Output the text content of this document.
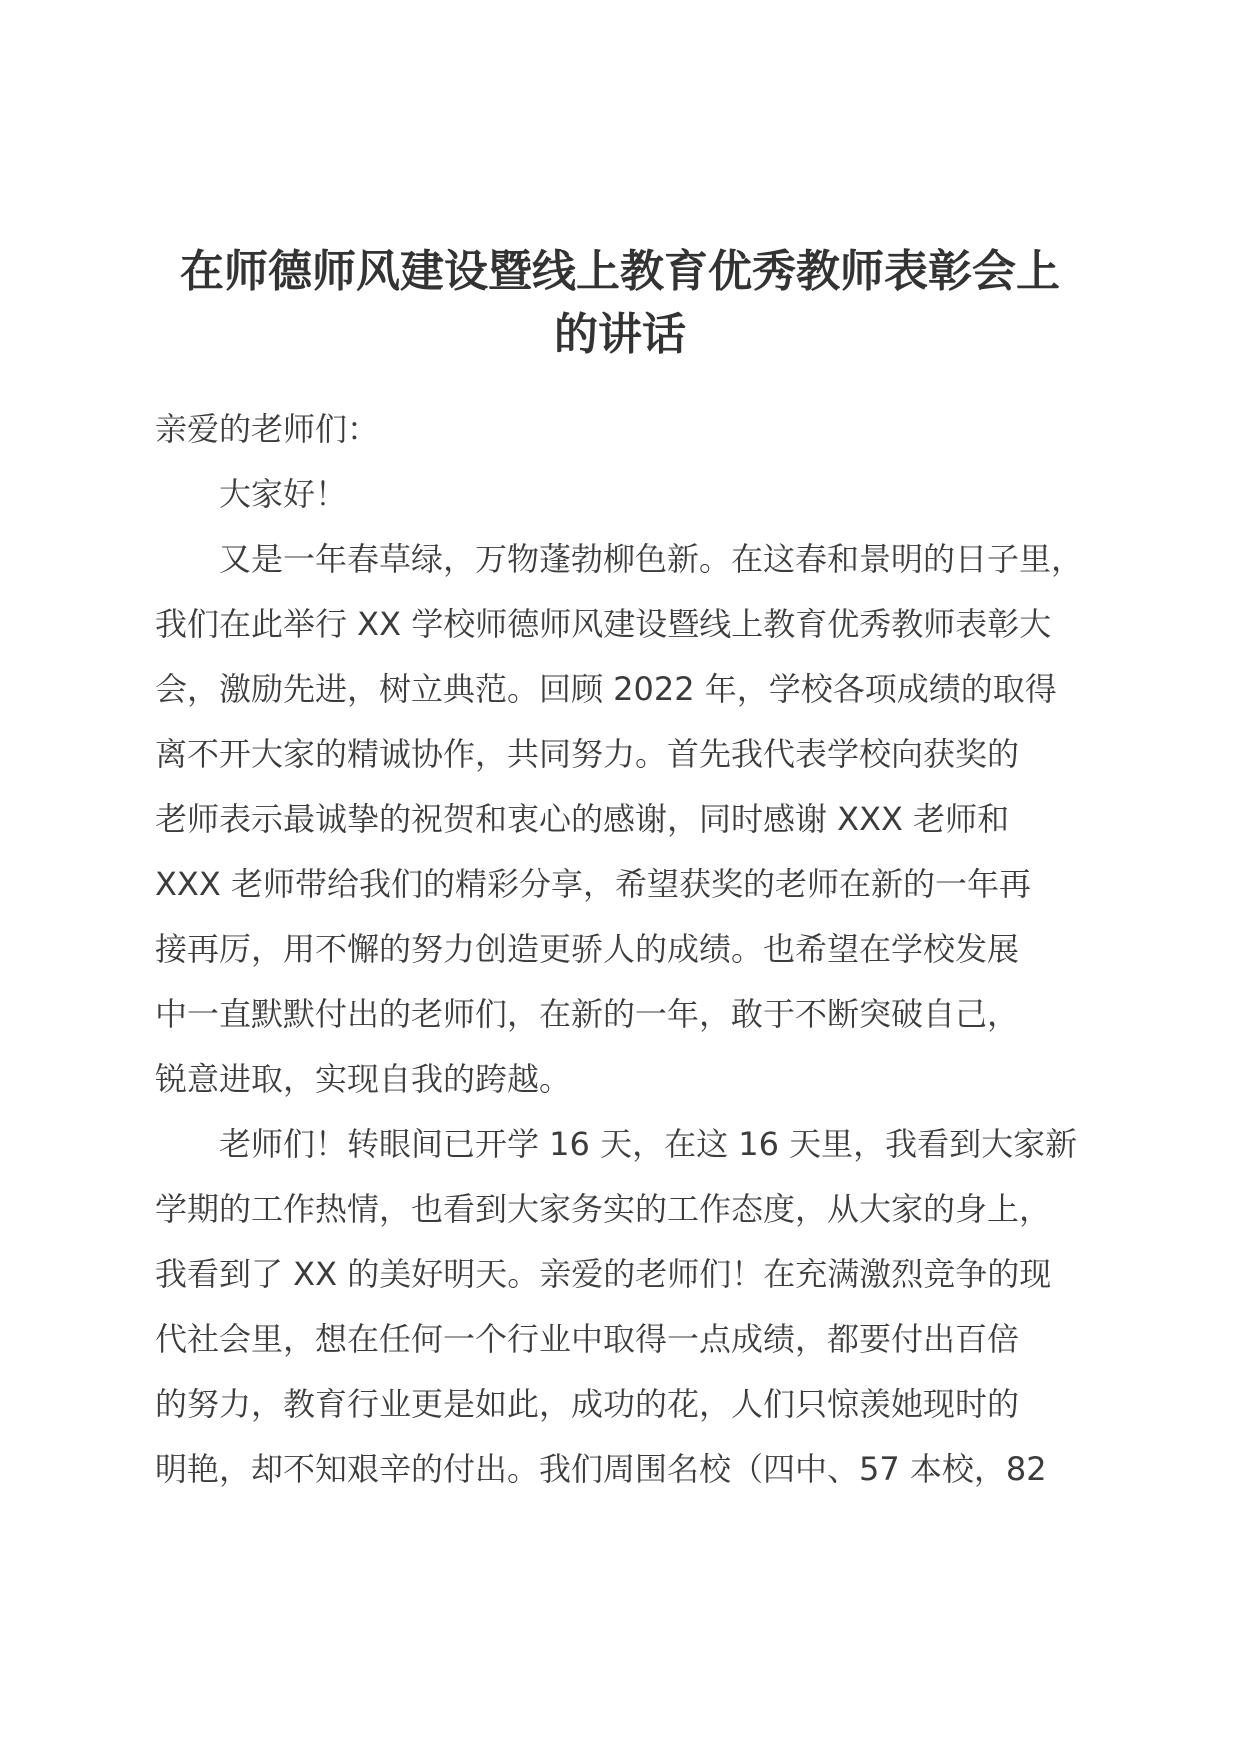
在师德师风建设暨线上教育优秀教师表彰会上
的讲话

亲爱的老师们：

大家好！

又是一年春草绿，万物蓬勃柳色新。在这春和景明的日子里，
我们在此举行 XX 学校师德师风建设暨线上教育优秀教师表彰大
会，激励先进，树立典范。回顾 2022 年，学校各项成绩的取得
离不开大家的精诚协作，共同努力。首先我代表学校向获奖的
老师表示最诚挚的祝贺和衷心的感谢，同时感谢 XXX 老师和
XXX 老师带给我们的精彩分享，希望获奖的老师在新的一年再
接再厉，用不懈的努力创造更骄人的成绩。也希望在学校发展
中一直默默付出的老师们，在新的一年，敢于不断突破自己，
锐意进取，实现自我的跨越。

老师们！转眼间已开学 16 天，在这 16 天里，我看到大家新
学期的工作热情，也看到大家务实的工作态度，从大家的身上，
我看到了 XX 的美好明天。亲爱的老师们！在充满激烈竞争的现
代社会里，想在任何一个行业中取得一点成绩，都要付出百倍
的努力，教育行业更是如此，成功的花，人们只惊羡她现时的
明艳，却不知艰辛的付出。我们周围名校（四中、57 本校，82
